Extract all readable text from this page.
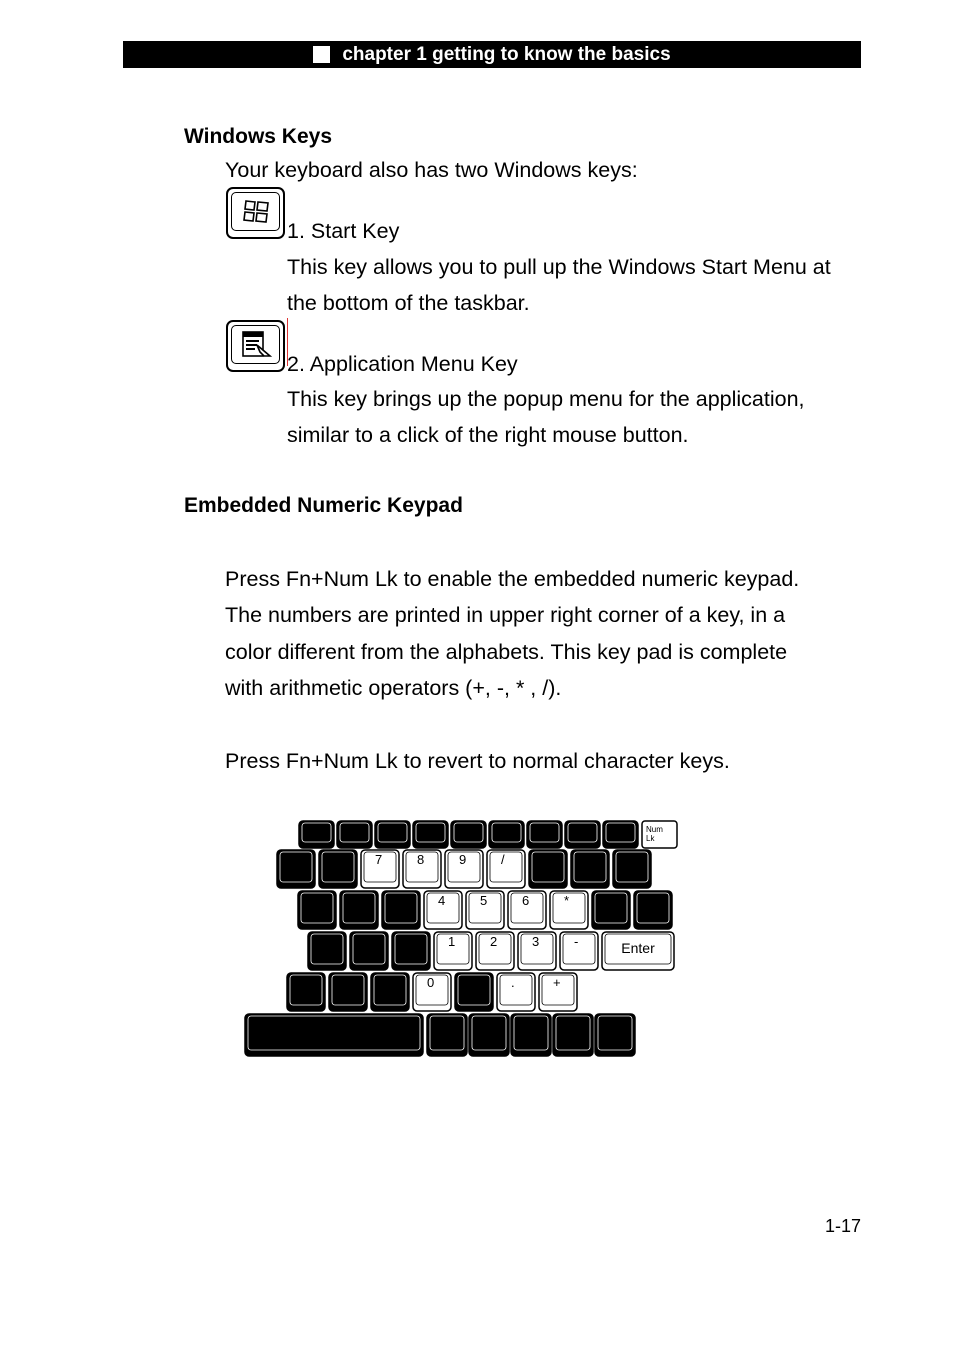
chapter 1 getting to know the basics
Windows Keys
Your keyboard also has two Windows keys:
1. Start Key
This key allows you to pull up the Windows Start Menu at
the bottom of the taskbar.
2. Application Menu Key
This key brings up the popup menu for the application,
similar to a click of the right mouse button.
Embedded Numeric Keypad
Press Fn+Num Lk to enable the embedded numeric keypad.
The numbers are printed in upper right corner of a key, in a
color different from the alphabets. This key pad is complete
with arithmetic operators (+, -, * , /).
Press Fn+Num Lk to revert to normal character keys.
Num
Lk
7	8	9	/
4	5	6	*
1	2	3	-	Enter
0	.	+
1-17
